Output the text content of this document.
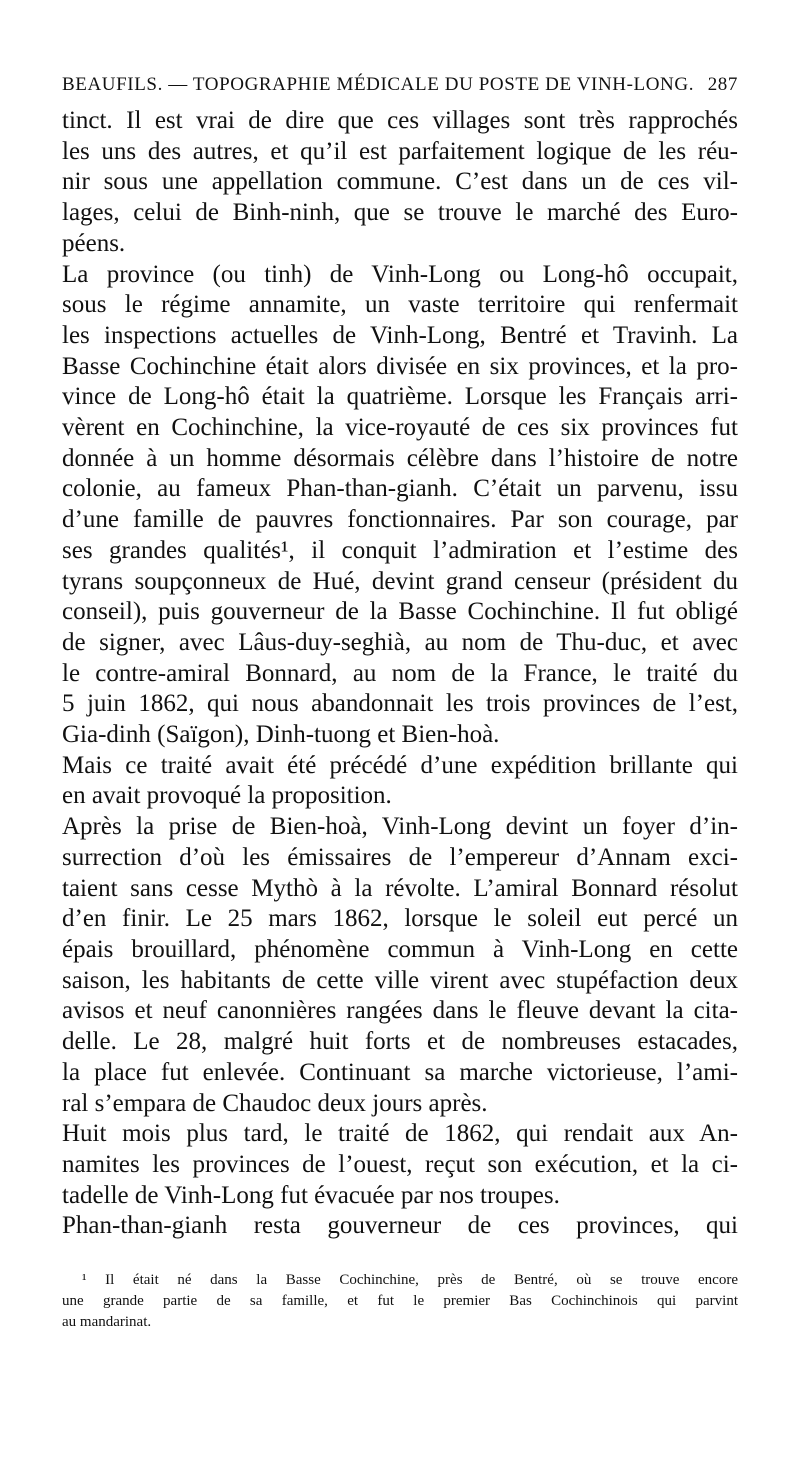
BEAUFILS. — TOPOGRAPHIE MÉDICALE DU POSTE DE VINH-LONG. 287
tinct. Il est vrai de dire que ces villages sont très rapprochés
les uns des autres, et qu’il est parfaitement logique de les réu-
nir sous une appellation commune. C’est dans un de ces vil-
lages, celui de Binh-ninh, que se trouve le marché des Euro-
péens.
La province (ou tinh) de Vinh-Long ou Long-hô occupait,
sous le régime annamite, un vaste territoire qui renfermait
les inspections actuelles de Vinh-Long, Bentré et Travinh. La
Basse Cochinchine était alors divisée en six provinces, et la pro-
vince de Long-hô était la quatrième. Lorsque les Français arri-
vèrent en Cochinchine, la vice-royauté de ces six provinces fut
donnée à un homme désormais célèbre dans l’histoire de notre
colonie, au fameux Phan-than-gianh. C’était un parvenu, issu
d’une famille de pauvres fonctionnaires. Par son courage, par
ses grandes qualités¹, il conquit l’admiration et l’estime des
tyrans soupçonneux de Hué, devint grand censeur (président du
conseil), puis gouverneur de la Basse Cochinchine. Il fut obligé
de signer, avec Lâus-duy-seghià, au nom de Thu-duc, et avec
le contre-amiral Bonnard, au nom de la France, le traité du
5 juin 1862, qui nous abandonnait les trois provinces de l’est,
Gia-dinh (Saïgon), Dinh-tuong et Bien-hoà.
Mais ce traité avait été précédé d’une expédition brillante qui
en avait provoqué la proposition.
Après la prise de Bien-hoà, Vinh-Long devint un foyer d’in-
surrection d’où les émissaires de l’empereur d’Annam exci-
taient sans cesse Mythò à la révolte. L’amiral Bonnard résolut
d’en finir. Le 25 mars 1862, lorsque le soleil eut percé un
épais brouillard, phénomène commun à Vinh-Long en cette
saison, les habitants de cette ville virent avec stupéfaction deux
avisos et neuf canonnières rangées dans le fleuve devant la cita-
delle. Le 28, malgré huit forts et de nombreuses estacades,
la place fut enlevée. Continuant sa marche victorieuse, l’ami-
ral s’empara de Chaudoc deux jours après.
Huit mois plus tard, le traité de 1862, qui rendait aux An-
namites les provinces de l’ouest, reçut son exécution, et la ci-
tadelle de Vinh-Long fut évacuée par nos troupes.
Phan-than-gianh resta gouverneur de ces provinces, qui
¹ Il était né dans la Basse Cochinchine, près de Bentré, où se trouve encore
une grande partie de sa famille, et fut le premier Bas Cochinchinois qui parvint
au mandarinat.
